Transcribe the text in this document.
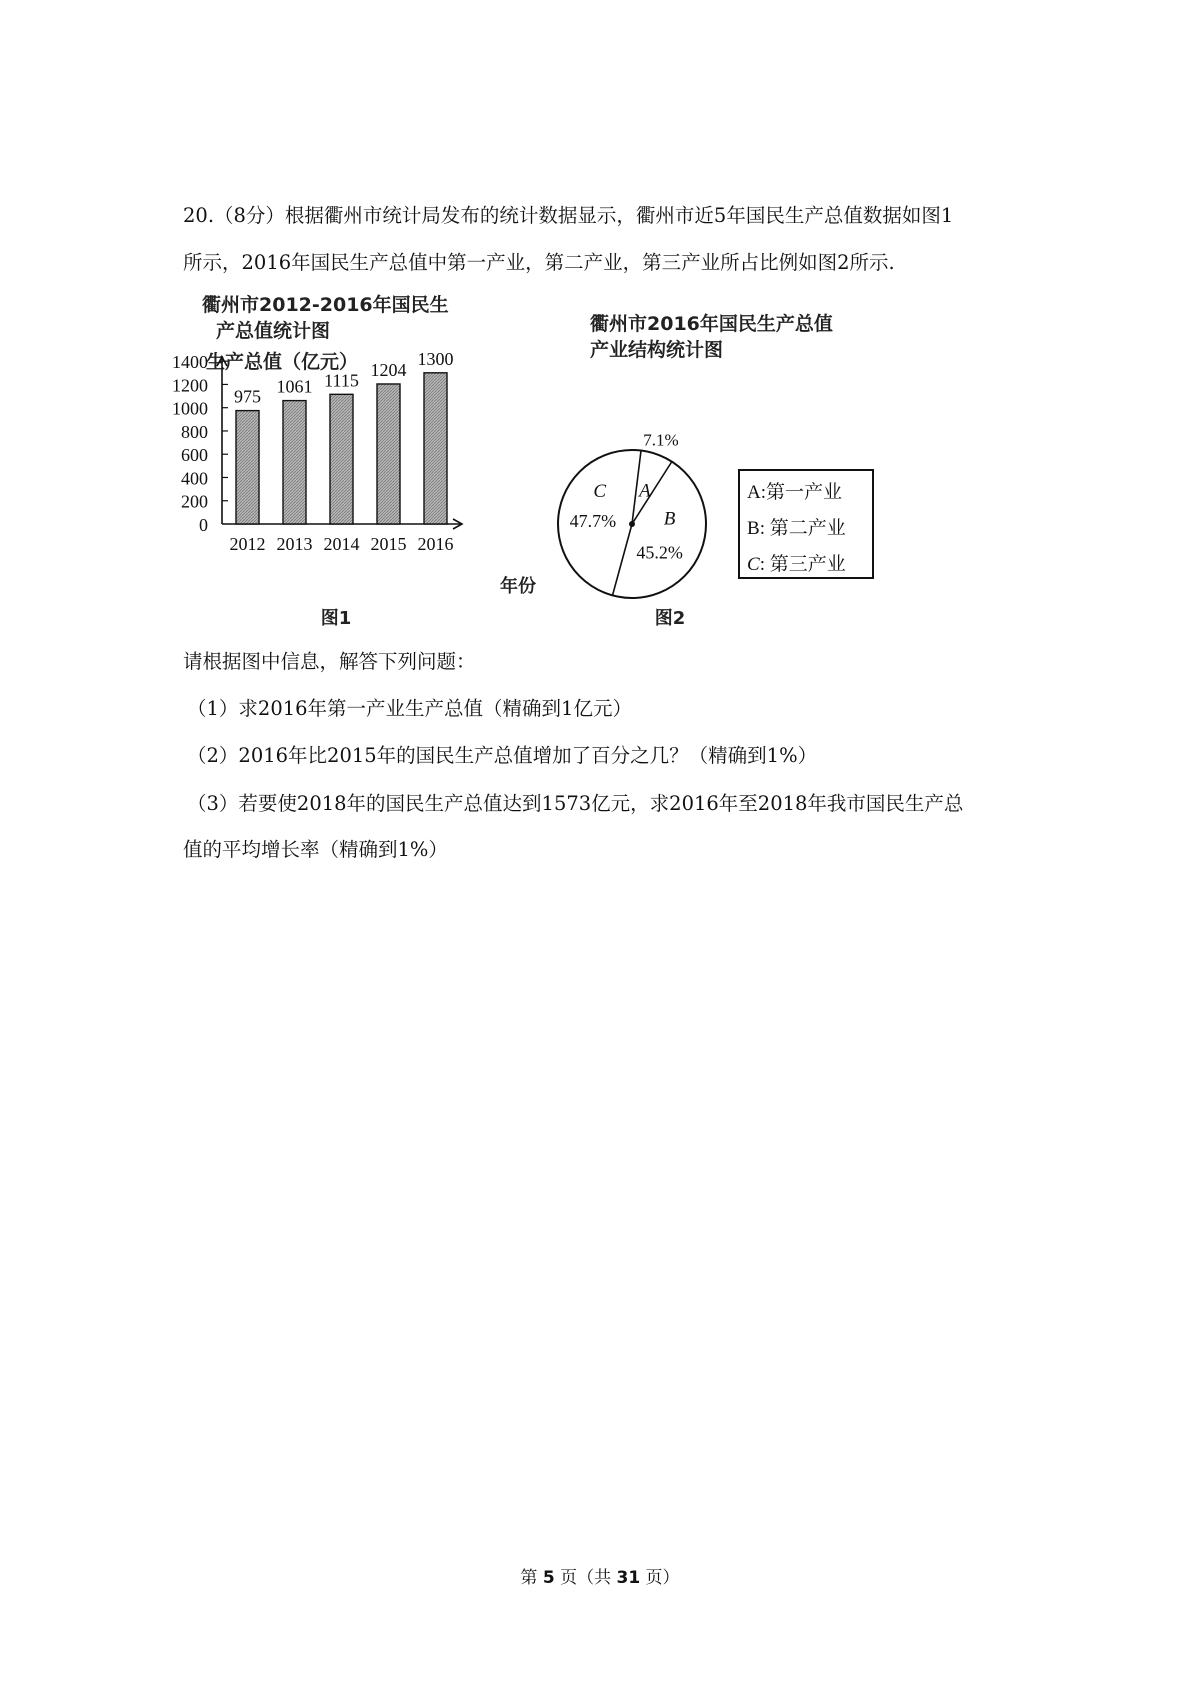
20.（8分）根据衢州市统计局发布的统计数据显示，衢州市近5年国民生产总值数据如图1
所示，2016年国民生产总值中第一产业，第二产业，第三产业所占比例如图2所示.
衢州市2012-2016年国民生
产总值统计图
生产总值（亿元）
0
200
400
600
800
1000
1200
1400
975
1061 1115
1204
1300
2012 2013 2014 2015 2016
年份
图1
衢州市2016年国民生产总值
产业结构统计图
A
B
C
7.1%
45.2%
47.7%
A:第一产业
B: 第二产业
C: 第三产业
图2
请根据图中信息，解答下列问题：
（1）求2016年第一产业生产总值（精确到1亿元）
（2）2016年比2015年的国民生产总值增加了百分之几？（精确到1%）
（3）若要使2018年的国民生产总值达到1573亿元，求2016年至2018年我市国民生产总
值的平均增长率（精确到1%）
第 5 页（共 31 页）
